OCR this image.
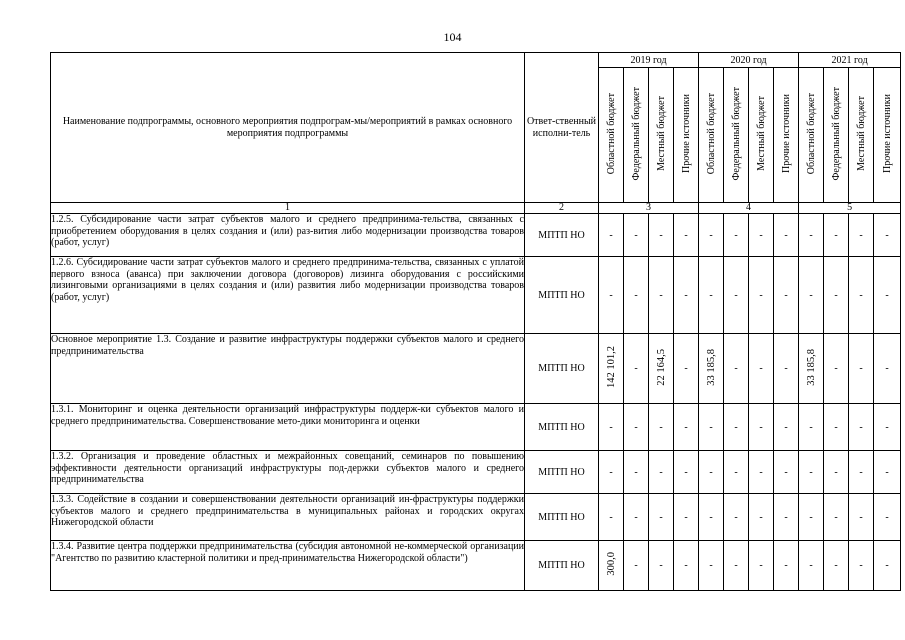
104
Наименование подпрограммы, основного мероприятия подпрограм-мы/мероприятий в рамках основного мероприятия подпрограммы	Ответ-ственный исполни-тель	2019 год				2020 год				2021 год			
		Областной бюджет	Федеральный бюджет	Местный бюджет	Прочие источники	Областной бюджет	Федеральный бюджет	Местный бюджет	Прочие источники	Областной бюджет	Федеральный бюджет	Местный бюджет	Прочие источники
1	2	3				4				5			
1.2.5. Субсидирование части затрат субъектов малого и среднего предпринима-тельства, связанных с приобретением оборудования в целях создания и (или) раз-вития либо модернизации производства товаров (работ, услуг)	МПТП НО	-	-	-	-	-	-	-	-	-	-	-	-
1.2.6. Субсидирование части затрат субъектов малого и среднего предпринима-тельства, связанных с уплатой первого взноса (аванса) при заключении договора (договоров) лизинга оборудования с российскими лизинговыми организациями в целях создания и (или) развития либо модернизации производства товаров (работ, услуг)	МПТП НО	-	-	-	-	-	-	-	-	-	-	-	-
Основное мероприятие 1.3. Создание и развитие инфраструктуры поддержки субъектов малого и среднего предпринимательства	МПТП НО	142 101,2	-	22 164,5	-	33 185,8	-	-	-	33 185,8	-	-	-
1.3.1. Мониторинг и оценка деятельности организаций инфраструктуры поддерж-ки субъектов малого и среднего предпринимательства. Совершенствование мето-дики мониторинга и оценки	МПТП НО	-	-	-	-	-	-	-	-	-	-	-	-
1.3.2. Организация и проведение областных и межрайонных совещаний, семинаров по повышению эффективности деятельности организаций инфраструктуры под-держки субъектов малого и среднего предпринимательства	МПТП НО	-	-	-	-	-	-	-	-	-	-	-	-
1.3.3. Содействие в создании и совершенствовании деятельности организаций ин-фраструктуры поддержки субъектов малого и среднего предпринимательства в муниципальных районах и городских округах Нижегородской области	МПТП НО	-	-	-	-	-	-	-	-	-	-	-	-
1.3.4. Развитие центра поддержки предпринимательства (субсидия автономной не-коммерческой организации "Агентство по развитию кластерной политики и пред-принимательства Нижегородской области")	МПТП НО	300,0	-	-	-	-	-	-	-	-	-	-	-
